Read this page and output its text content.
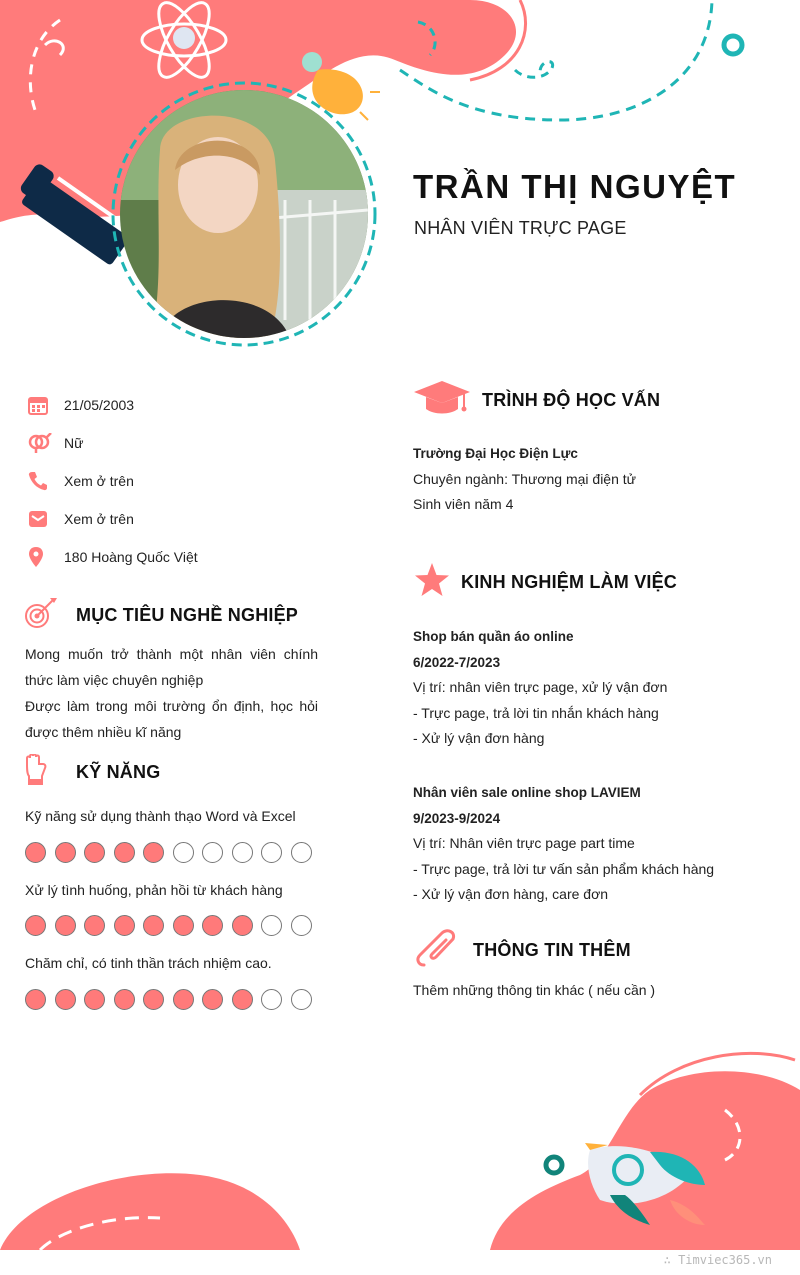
TRẦN THỊ NGUYỆT
NHÂN VIÊN TRỰC PAGE
21/05/2003
Nữ
Xem ở trên
Xem ở trên
180 Hoàng Quốc Việt
MỤC TIÊU NGHỀ NGHIỆP
Mong muốn trở thành một nhân viên chính thức làm việc chuyên nghiệp
Được làm trong môi trường ổn định, học hỏi được thêm nhiều kĩ năng
KỸ NĂNG
Kỹ năng sử dụng thành thạo Word và Excel
Xử lý tình huống, phản hồi từ khách hàng
Chăm chỉ, có tinh thần trách nhiệm cao.
TRÌNH ĐỘ HỌC VẤN
Trường Đại Học Điện Lực
Chuyên ngành: Thương mại điện tử
Sinh viên năm 4
KINH NGHIỆM LÀM VIỆC
Shop bán quần áo online
6/2022-7/2023
Vị trí: nhân viên trực page, xử lý vận đơn
- Trực page, trả lời tin nhắn khách hàng
- Xử lý vận đơn hàng
Nhân viên sale online shop LAVIEM
9/2023-9/2024
Vị trí: Nhân viên trực page part time
- Trực page, trả lời tư vấn sản phẩm khách hàng
- Xử lý vận đơn hàng, care đơn
THÔNG TIN THÊM
Thêm những thông tin khác ( nếu cần )
∴ Timviec365.vn
